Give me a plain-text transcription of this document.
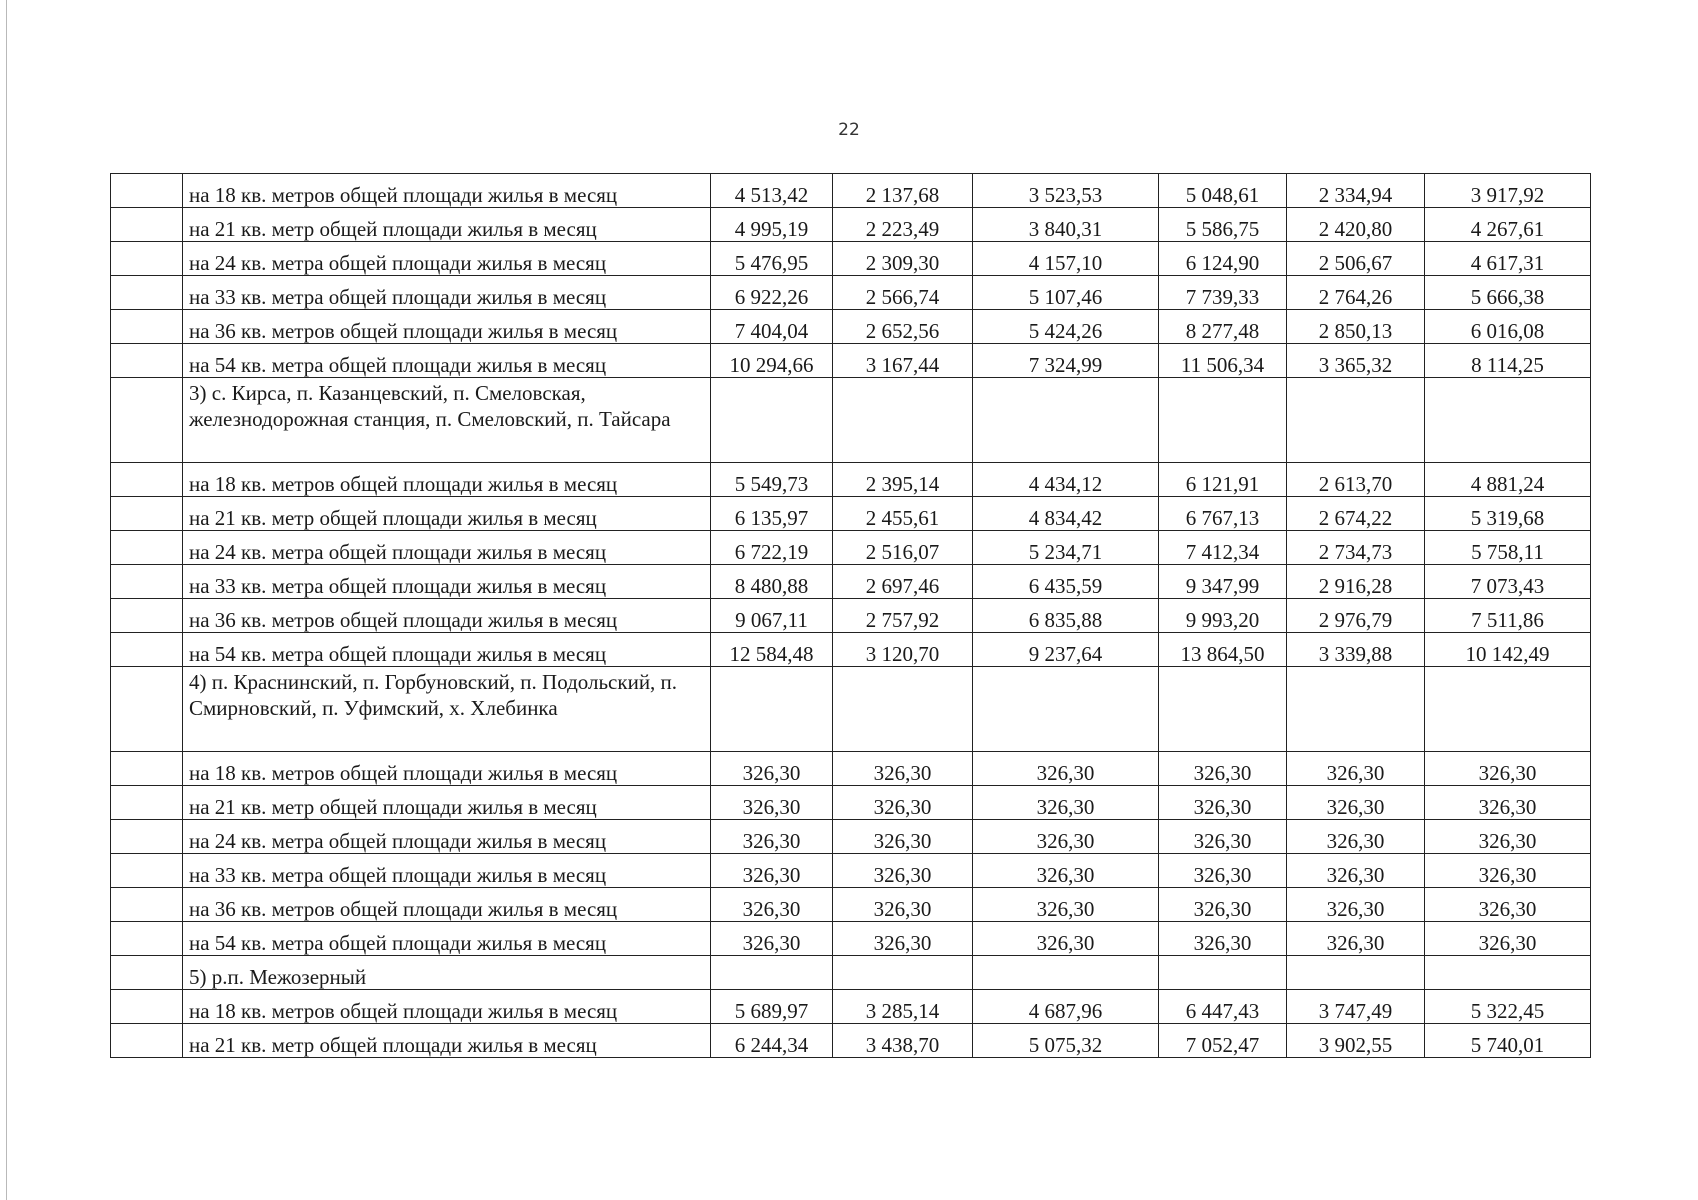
22
	на 18 кв. метров общей площади жилья в месяц	4 513,42	2 137,68	3 523,53	5 048,61	2 334,94	3 917,92
	на 21 кв. метр общей площади жилья в месяц	4 995,19	2 223,49	3 840,31	5 586,75	2 420,80	4 267,61
	на 24 кв. метра общей площади жилья в месяц	5 476,95	2 309,30	4 157,10	6 124,90	2 506,67	4 617,31
	на 33 кв. метра общей площади жилья в месяц	6 922,26	2 566,74	5 107,46	7 739,33	2 764,26	5 666,38
	на 36 кв. метров общей площади жилья в месяц	7 404,04	2 652,56	5 424,26	8 277,48	2 850,13	6 016,08
	на 54 кв. метра общей площади жилья в месяц	10 294,66	3 167,44	7 324,99	11 506,34	3 365,32	8 114,25
	3) с. Кирса, п. Казанцевский, п. Смеловская, железнодорожная станция, п. Смеловский, п. Тайсара						
	на 18 кв. метров общей площади жилья в месяц	5 549,73	2 395,14	4 434,12	6 121,91	2 613,70	4 881,24
	на 21 кв. метр общей площади жилья в месяц	6 135,97	2 455,61	4 834,42	6 767,13	2 674,22	5 319,68
	на 24 кв. метра общей площади жилья в месяц	6 722,19	2 516,07	5 234,71	7 412,34	2 734,73	5 758,11
	на 33 кв. метра общей площади жилья в месяц	8 480,88	2 697,46	6 435,59	9 347,99	2 916,28	7 073,43
	на 36 кв. метров общей площади жилья в месяц	9 067,11	2 757,92	6 835,88	9 993,20	2 976,79	7 511,86
	на 54 кв. метра общей площади жилья в месяц	12 584,48	3 120,70	9 237,64	13 864,50	3 339,88	10 142,49
	4) п. Краснинский, п. Горбуновский, п. Подольский, п. Смирновский, п. Уфимский, х. Хлебинка						
	на 18 кв. метров общей площади жилья в месяц	326,30	326,30	326,30	326,30	326,30	326,30
	на 21 кв. метр общей площади жилья в месяц	326,30	326,30	326,30	326,30	326,30	326,30
	на 24 кв. метра общей площади жилья в месяц	326,30	326,30	326,30	326,30	326,30	326,30
	на 33 кв. метра общей площади жилья в месяц	326,30	326,30	326,30	326,30	326,30	326,30
	на 36 кв. метров общей площади жилья в месяц	326,30	326,30	326,30	326,30	326,30	326,30
	на 54 кв. метра общей площади жилья в месяц	326,30	326,30	326,30	326,30	326,30	326,30
	5) р.п. Межозерный						
	на 18 кв. метров общей площади жилья в месяц	5 689,97	3 285,14	4 687,96	6 447,43	3 747,49	5 322,45
	на 21 кв. метр общей площади жилья в месяц	6 244,34	3 438,70	5 075,32	7 052,47	3 902,55	5 740,01
